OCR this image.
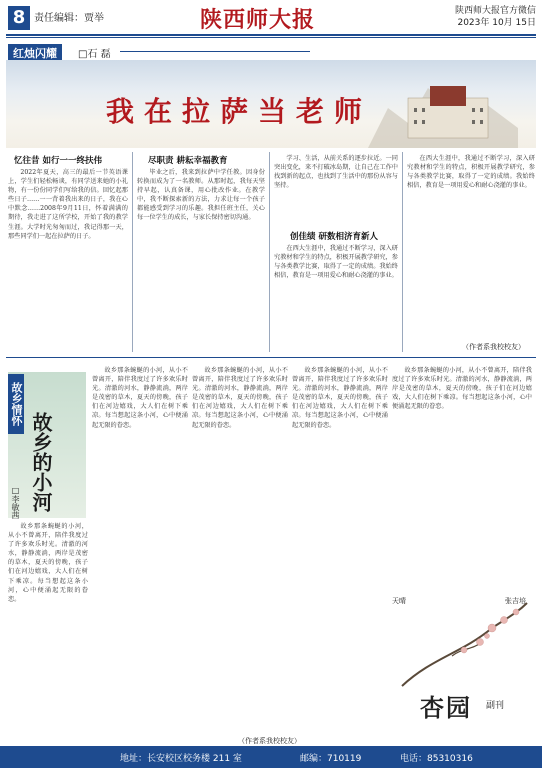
8 责任编辑：贾举	陕西师大报	陕西师大报官方微信
2023年 10月 15日
红烛闪耀	□石 磊
我在拉萨当老师
忆往昔 如行一一终扶伟

2022年夏天，高三的最后一节英语课上，学生们轻松畅谈，有同学送来她的小礼物，有一份份同学们写给我的信。回忆起那些日子……一一背着我出来的日子，我在心中默念……2008年9月11日，怀着满满的期待，我走进了这所学校，开始了我的教学生涯。大学时光匆匆而过，我记得那一天，那些同学们一起在拉萨的日子。

尽职责 耕耘幸福教育

毕业之后，我来到拉萨中学任教。因身份转换而成为了一名教师。从那时起，我每天坚持早起，认真备课，用心批改作业。在教学中，我不断探索新的方法，力求让每一个孩子都能感受到学习的乐趣。我担任班主任，关心每一位学生的成长，与家长保持密切沟通。

学习、生活，从前关系的逐步拉近。一同突出变化，来不打破冰岛期，让自己在工作中找到新的起点，也找到了生活中的那份从容与坚持。

创佳绩 研数相济育新人

在西大生涯中，我通过不断学习，深入研究教材和学生的特点，积极开展教学研究，参与各类教学比赛，取得了一定的成绩。我始终相信，教育是一项用爱心和耐心浇灌的事业。

在西大生涯中，我通过不断学习，深入研究教材和学生的特点，积极开展教学研究，参与各类教学比赛，取得了一定的成绩。我始终相信，教育是一项用爱心和耐心浇灌的事业。

（作者系我校校友）
故乡情怀
故乡的小河
□李敏茜

故乡那条蜿蜒的小河，从小不曾离开，陪伴我度过了许多欢乐时光。清澈的河水，静静流淌，两岸是茂密的草木，夏天的傍晚，孩子们在河边嬉戏，大人们在树下乘凉。每当想起这条小河，心中便涌起无限的眷恋。

故乡那条蜿蜒的小河，从小不曾离开，陪伴我度过了许多欢乐时光。清澈的河水，静静流淌，两岸是茂密的草木，夏天的傍晚，孩子们在河边嬉戏，大人们在树下乘凉。每当想起这条小河，心中便涌起无限的眷恋。

故乡那条蜿蜒的小河，从小不曾离开，陪伴我度过了许多欢乐时光。清澈的河水，静静流淌，两岸是茂密的草木，夏天的傍晚，孩子们在河边嬉戏，大人们在树下乘凉。每当想起这条小河，心中便涌起无限的眷恋。

故乡那条蜿蜒的小河，从小不曾离开，陪伴我度过了许多欢乐时光。清澈的河水，静静流淌，两岸是茂密的草木，夏天的傍晚，孩子们在河边嬉戏，大人们在树下乘凉。每当想起这条小河，心中便涌起无限的眷恋。

故乡那条蜿蜒的小河，从小不曾离开，陪伴我度过了许多欢乐时光。清澈的河水，静静流淌，两岸是茂密的草木，夏天的傍晚，孩子们在河边嬉戏，大人们在树下乘凉。每当想起这条小河，心中便涌起无限的眷恋。

（作者系我校校友）
天晴	张吉培
杏园 副刊
地址：长安校区校务楼 211 室	邮编：710119	电话：85310316
